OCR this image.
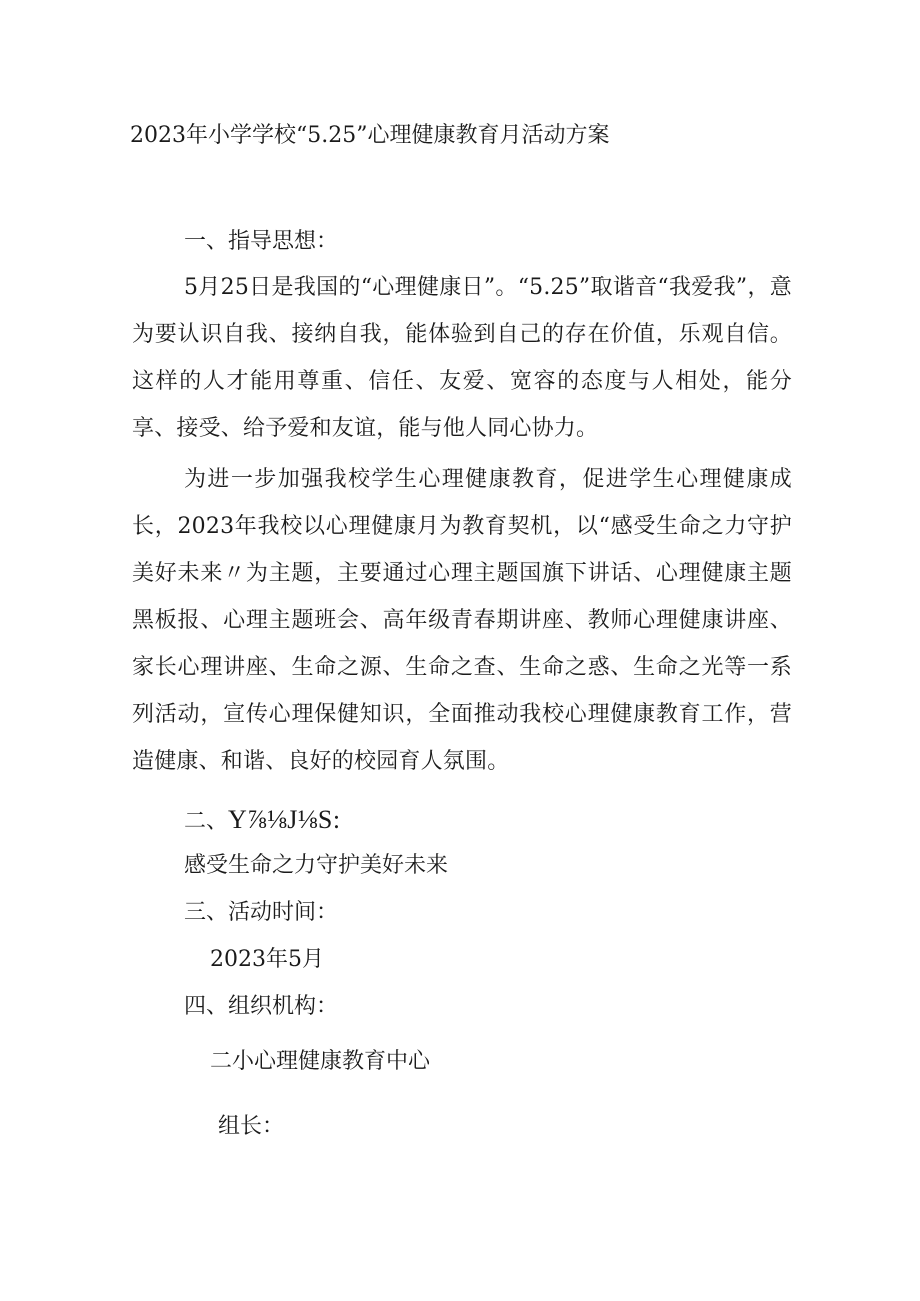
2023年小学学校“5.25”心理健康教育月活动方案
一、指导思想：
5月25日是我国的“心理健康日”。“5.25”取谐音“我爱我”，意为要认识自我、接纳自我，能体验到自己的存在价值，乐观自信。这样的人才能用尊重、信任、友爱、宽容的态度与人相处，能分享、接受、给予爱和友谊，能与他人同心协力。
为进一步加强我校学生心理健康教育，促进学生心理健康成长，2023年我校以心理健康月为教育契机，以“感受生命之力守护美好未来〃为主题，主要通过心理主题国旗下讲话、心理健康主题黑板报、心理主题班会、高年级青春期讲座、教师心理健康讲座、家长心理讲座、生命之源、生命之查、生命之惑、生命之光等一系列活动，宣传心理保健知识，全面推动我校心理健康教育工作，营造健康、和谐、良好的校园育人氛围。
二、Y⅞⅛J⅛S:
感受生命之力守护美好未来
三、活动时间：
2023年5月
四、组织机构：
二小心理健康教育中心
组长：
